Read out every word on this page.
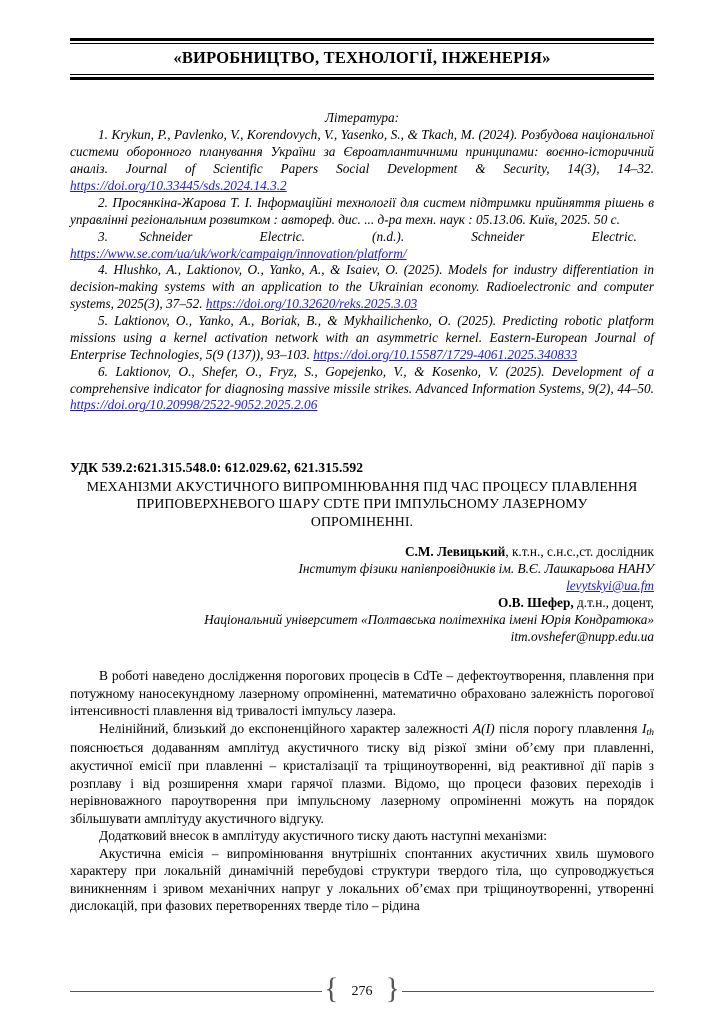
«ВИРОБНИЦТВО, ТЕХНОЛОГІЇ, ІНЖЕНЕРІЯ»
Література:

1. Krykun, P., Pavlenko, V., Korendovych, V., Yasenko, S., & Tkach, M. (2024). Розбудова національної системи оборонного планування України за Євроатлантичними принципами: воєнно-історичний аналіз. Journal of Scientific Papers Social Development & Security, 14(3), 14–32. https://doi.org/10.33445/sds.2024.14.3.2

2. Просянкіна-Жарова Т. І. Інформаційні технології для систем підтримки прийняття рішень в управлінні регіональним розвитком : автореф. дис. ... д-ра техн. наук : 05.13.06. Київ, 2025. 50 с.

3.	Schneider	Electric.	(n.d.).	Schneider	Electric.

https://www.se.com/ua/uk/work/campaign/innovation/platform/

4. Hlushko, A., Laktionov, O., Yanko, A., & Isaiev, O. (2025). Models for industry differentiation in decision-making systems with an application to the Ukrainian economy. Radioelectronic and computer systems, 2025(3), 37–52. https://doi.org/10.32620/reks.2025.3.03

5. Laktionov, O., Yanko, A., Boriak, B., & Mykhailichenko, O. (2025). Predicting robotic platform missions using a kernel activation network with an asymmetric kernel. Eastern-European Journal of Enterprise Technologies, 5(9 (137)), 93–103. https://doi.org/10.15587/1729-4061.2025.340833

6. Laktionov, O., Shefer, O., Fryz, S., Gopejenko, V., & Kosenko, V. (2025). Development of a comprehensive indicator for diagnosing massive missile strikes. Advanced Information Systems, 9(2), 44–50. https://doi.org/10.20998/2522-9052.2025.2.06

УДК 539.2:621.315.548.0: 612.029.62, 621.315.592
МЕХАНІЗМИ АКУСТИЧНОГО ВИПРОМІНЮВАННЯ ПІД ЧАС ПРОЦЕСУ ПЛАВЛЕННЯ
ПРИПОВЕРХНЕВОГО ШАРУ CDTE ПРИ ІМПУЛЬСНОМУ ЛАЗЕРНОМУ
ОПРОМІНЕННІ.
С.М. Левицький, к.т.н., с.н.с.,ст. дослідник
Інститут фізики напівпровідників ім. В.Є. Лашкарьова НАНУ
levytskyi@ua.fm
О.В. Шефер, д.т.н., доцент,
Національний університет «Полтавська політехніка імені Юрія Кондратюка»
itm.ovshefer@nupp.edu.ua

В роботі наведено дослідження порогових процесів в CdTe – дефектоутворення, плавлення при потужному наносекундному лазерному опроміненні, математично обраховано залежність порогової інтенсивності плавлення від тривалості імпульсу лазера.

Нелінійний, близький до експоненційного характер залежності A(I) після порогу плавлення $I_{th}$ пояснюється додаванням амплітуд акустичного тиску від різкої зміни об’єму при плавленні, акустичної емісії при плавленні – кристалізації та тріщиноутворенні, від реактивної дії парів з розплаву і від розширення хмари гарячої плазми. Відомо, що процеси фазових переходів і нерівноважного пароутворення при імпульсному лазерному опроміненні можуть на порядок збільшувати амплітуду акустичного відгуку.

Додатковий внесок в амплітуду акустичного тиску дають наступні механізми:

Акустична емісія – випромінювання внутрішніх спонтанних акустичних хвиль шумового характеру при локальній динамічній перебудові структури твердого тіла, що супроводжується виникненням і зривом механічних напруг у локальних об’ємах при тріщиноутворенні, утворенні дислокацій, при фазових перетвореннях тверде тіло – рідина

{ 276 }
